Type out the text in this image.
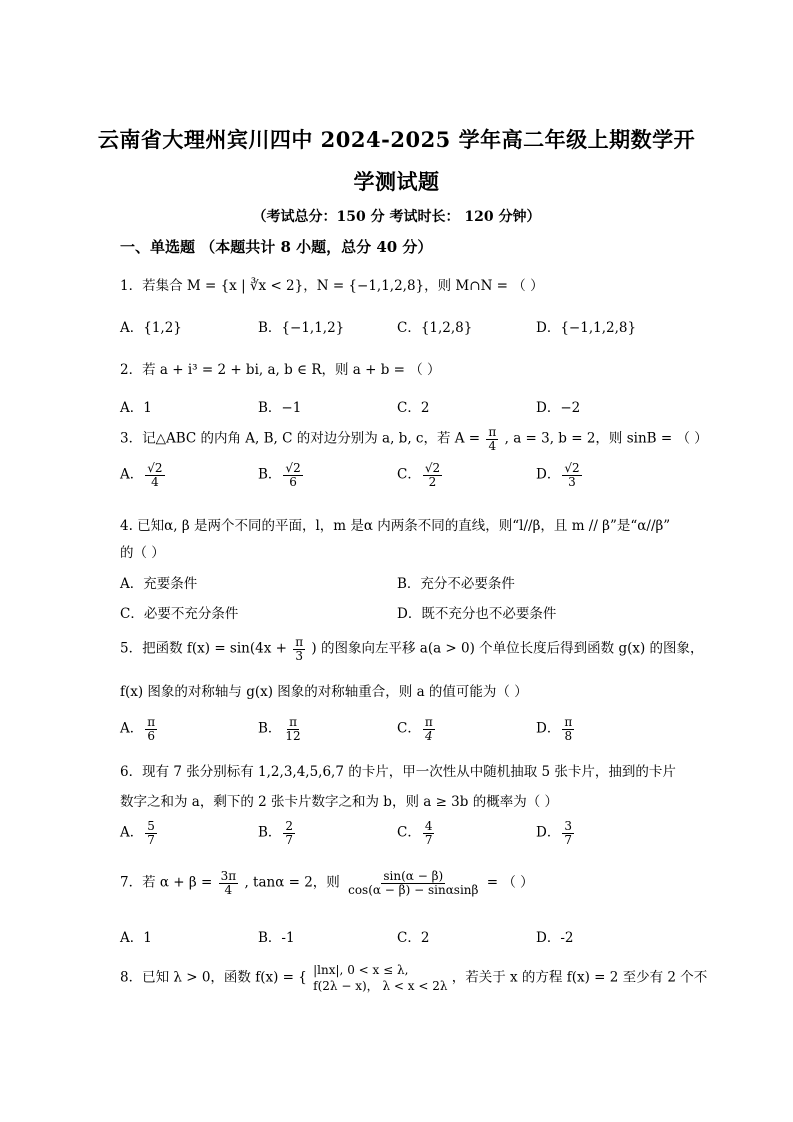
云南省大理州宾川四中 2024-2025 学年高二年级上期数学开
学测试题
（考试总分：150 分 考试时长： 120 分钟）
一、单选题 （本题共计 8 小题，总分 40 分）
1．若集合 M = {x | ∛x < 2}，N = {−1,1,2,8}，则 M∩N = （ ）
A．{1,2}	B．{−1,1,2}	C．{1,2,8}	D．{−1,1,2,8}
2．若 a + i³ = 2 + bi, a, b ∈ R，则 a + b = （ ）
A．1	B．−1	C．2	D．−2
3．记△ABC 的内角 A, B, C 的对边分别为 a, b, c，若 $A = \frac{\pi}{4}$ , a = 3, b = 2，则 sinB = （ ）
A． $\frac{√2}{4}$	B． $\frac{√2}{6}$	C． $\frac{√2}{2}$	D． $\frac{√2}{3}$
4. 已知α, β 是两个不同的平面，l，m 是α 内两条不同的直线，则“l//β，且 m // β”是“α//β”
的（ ）
A．充要条件	B．充分不必要条件
C．必要不充分条件	D．既不充分也不必要条件
5．把函数 $f(x) = \sin(4x + \frac{\pi}{3}$ ) 的图象向左平移 a(a > 0) 个单位长度后得到函数 g(x) 的图象，
f(x) 图象的对称轴与 g(x) 图象的对称轴重合，则 a 的值可能为（ ）
A． $\frac{\pi}{6}$	B． $\frac{\pi}{12}$	C． $\frac{\pi}{4}$	D． $\frac{\pi}{8}$
6．现有 7 张分别标有 1,2,3,4,5,6,7 的卡片，甲一次性从中随机抽取 5 张卡片，抽到的卡片
数字之和为 a，剩下的 2 张卡片数字之和为 b，则 a ≥ 3b 的概率为（ ）
A． $\frac{5}{7}$	B． $\frac{2}{7}$	C． $\frac{4}{7}$	D． $\frac{3}{7}$
7．若 $\alpha + \beta = \frac{3\pi}{4}$ , tanα = 2，则 $\frac{\sin(\alpha - \beta)}{\cos(\alpha - \beta) - \sin\alpha\sin\beta}$ = （ ）
A．1	B．-1	C．2	D．-2
8．已知 λ > 0，函数 f(x) = { |lnx|, 0 < x ≤ λ,
f(2λ − x)， λ < x < 2λ
，若关于 x 的方程 f(x) = 2 至少有 2 个不
